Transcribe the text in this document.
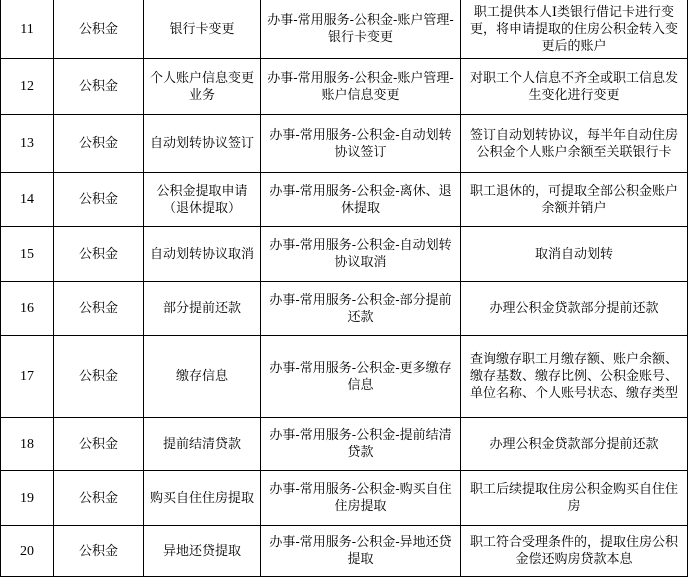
11	公积金	银行卡变更	办事-常用服务-公积金-账户管理-银行卡变更	职工提供本人I类银行借记卡进行变更，将申请提取的住房公积金转入变更后的账户
12	公积金	个人账户信息变更业务	办事-常用服务-公积金-账户管理-账户信息变更	对职工个人信息不齐全或职工信息发生变化进行变更
13	公积金	自动划转协议签订	办事-常用服务-公积金-自动划转协议签订	签订自动划转协议，每半年自动住房公积金个人账户余额至关联银行卡
14	公积金	公积金提取申请（退休提取）	办事-常用服务-公积金-离休、退休提取	职工退休的，可提取全部公积金账户余额并销户
15	公积金	自动划转协议取消	办事-常用服务-公积金-自动划转协议取消	取消自动划转
16	公积金	部分提前还款	办事-常用服务-公积金-部分提前还款	办理公积金贷款部分提前还款
17	公积金	缴存信息	办事-常用服务-公积金-更多缴存信息	查询缴存职工月缴存额、账户余额、缴存基数、缴存比例、公积金账号、单位名称、个人账号状态、缴存类型
18	公积金	提前结清贷款	办事-常用服务-公积金-提前结清贷款	办理公积金贷款部分提前还款
19	公积金	购买自住住房提取	办事-常用服务-公积金-购买自住住房提取	职工后续提取住房公积金购买自住住房
20	公积金	异地还贷提取	办事-常用服务-公积金-异地还贷提取	职工符合受理条件的，提取住房公积金偿还购房贷款本息
